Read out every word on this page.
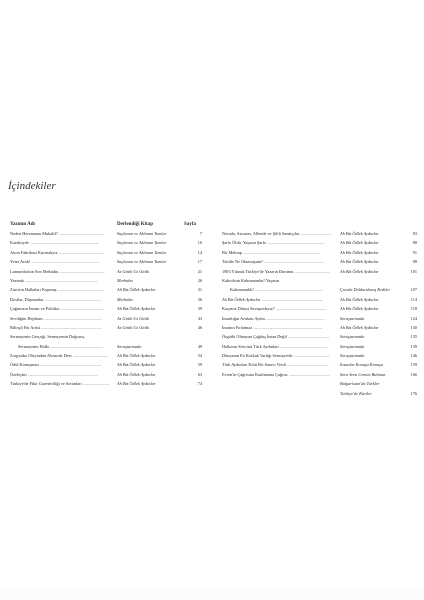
İçindekiler
Yazının Adı	Derlendiği Kitap	Sayfa
Neden Herzamanı Muhalif?	Suçlanan ve Aklanan Yazılar	7
....................................................
Karaköyde	Suçlanan ve Aklanan Yazılar	10
...............................................................................
Atom Fabrikası Kurmalıyız	Suçlanan ve Aklanan Yazılar	14
....................................................
Yeter Artık!	Suçlanan ve Aklanan Yazılar	17
..............................................................................
Lumumba'nın Son Mektubu	Az Gittik Uz Gittik	21
....................................................
Yazmak	Merhaba	26
...................................................................................
Zincirin Halkaları Kopmuş	Ah Biz Ödlek Aydınlar	31
.....................................................
Dostlar, Düşmanlar	Merhaba	36
..................................................................
Çağımızın İnsanı ve Politika	Ah Biz Ödlek Aydınlar	39
...................................................
Sevdiğim Hepburn	Az Gittik Uz Gittik	43
..................................................................
Bilinçli Bir Artist	Az Gittik Uz Gittik	46
.....................................................................
Sermayenin Gerçeği, Sermayenin Doğrusu,
Sermayenin Halkı	Soruşturmada	49
............................................................
Zoqçenko Olayından Alınacak Ders	Ah Biz Ödlek Aydınlar	54
........................................
Ödül Konuşması	Ah Biz Ödlek Aydınlar	59
......................................................................
Özeleştiri	Ah Biz Ödlek Aydınlar	63
................................................................................
Türkiye'de Fikir Gazeteciliği ve Sorunları	Ah Biz Ödlek Aydınlar	74
..............................
Neruda, Asturias, Allende ve Şilili Sanatçılar	Ah Biz Ödlek Aydınlar	83
....................................
Şarlo Öldü, Yaşasın Şarlo	Ah Biz Ödlek Aydınlar	88
..................................................................
Bir Mektup	Ah Biz Ödlek Aydınlar	91
........................................................................................
Tatilde Ne Okumuşum?	Ah Biz Ödlek Aydınlar	98
.....................................................................
1983 Yılında Türkiye'de Yazarın Durumu	Ah Biz Ödlek Aydınlar	101
.........................................
Kahrolsun Kahramanlar! Yaşasın
Kahramanlık!	Çuvala Doldurulmuş Kediler	107
.............................................................................
Ah Biz Ödlek Aydınlar	Ah Biz Ödlek Aydınlar	114
.......................................................................
Kaçımız Dünya Savaşındayız?	Ah Biz Ödlek Aydınlar	118
..........................................................
İnsanlığın Avukatı Aydın	Soruşturmada	124
...................................................................
İnsanın Fırlatmaz	Ah Biz Ödlek Aydınlar	130
...............................................................................
Örgütlü Olmayan Çağdaş İnsan Değil	Soruşturmada	135
...............................................
Halkının Sözcüsü Türk Aydınları	Soruşturmada	139
......................................................
Dünyanın En Korkak Varlığı Sermayedir	Soruşturmada	146
..........................................
Türk Aydınları Kötü Bir Sınavı Verdi	İnsanlar Konuşa Konuşa	159
................................................
Evren'in Çağrısına Katılmama Çağrısı	Sora Sora Cennet Bulunur	166
..............................................
Bulgaristan'da Türkler
Türkiye'de Kürtler	176
